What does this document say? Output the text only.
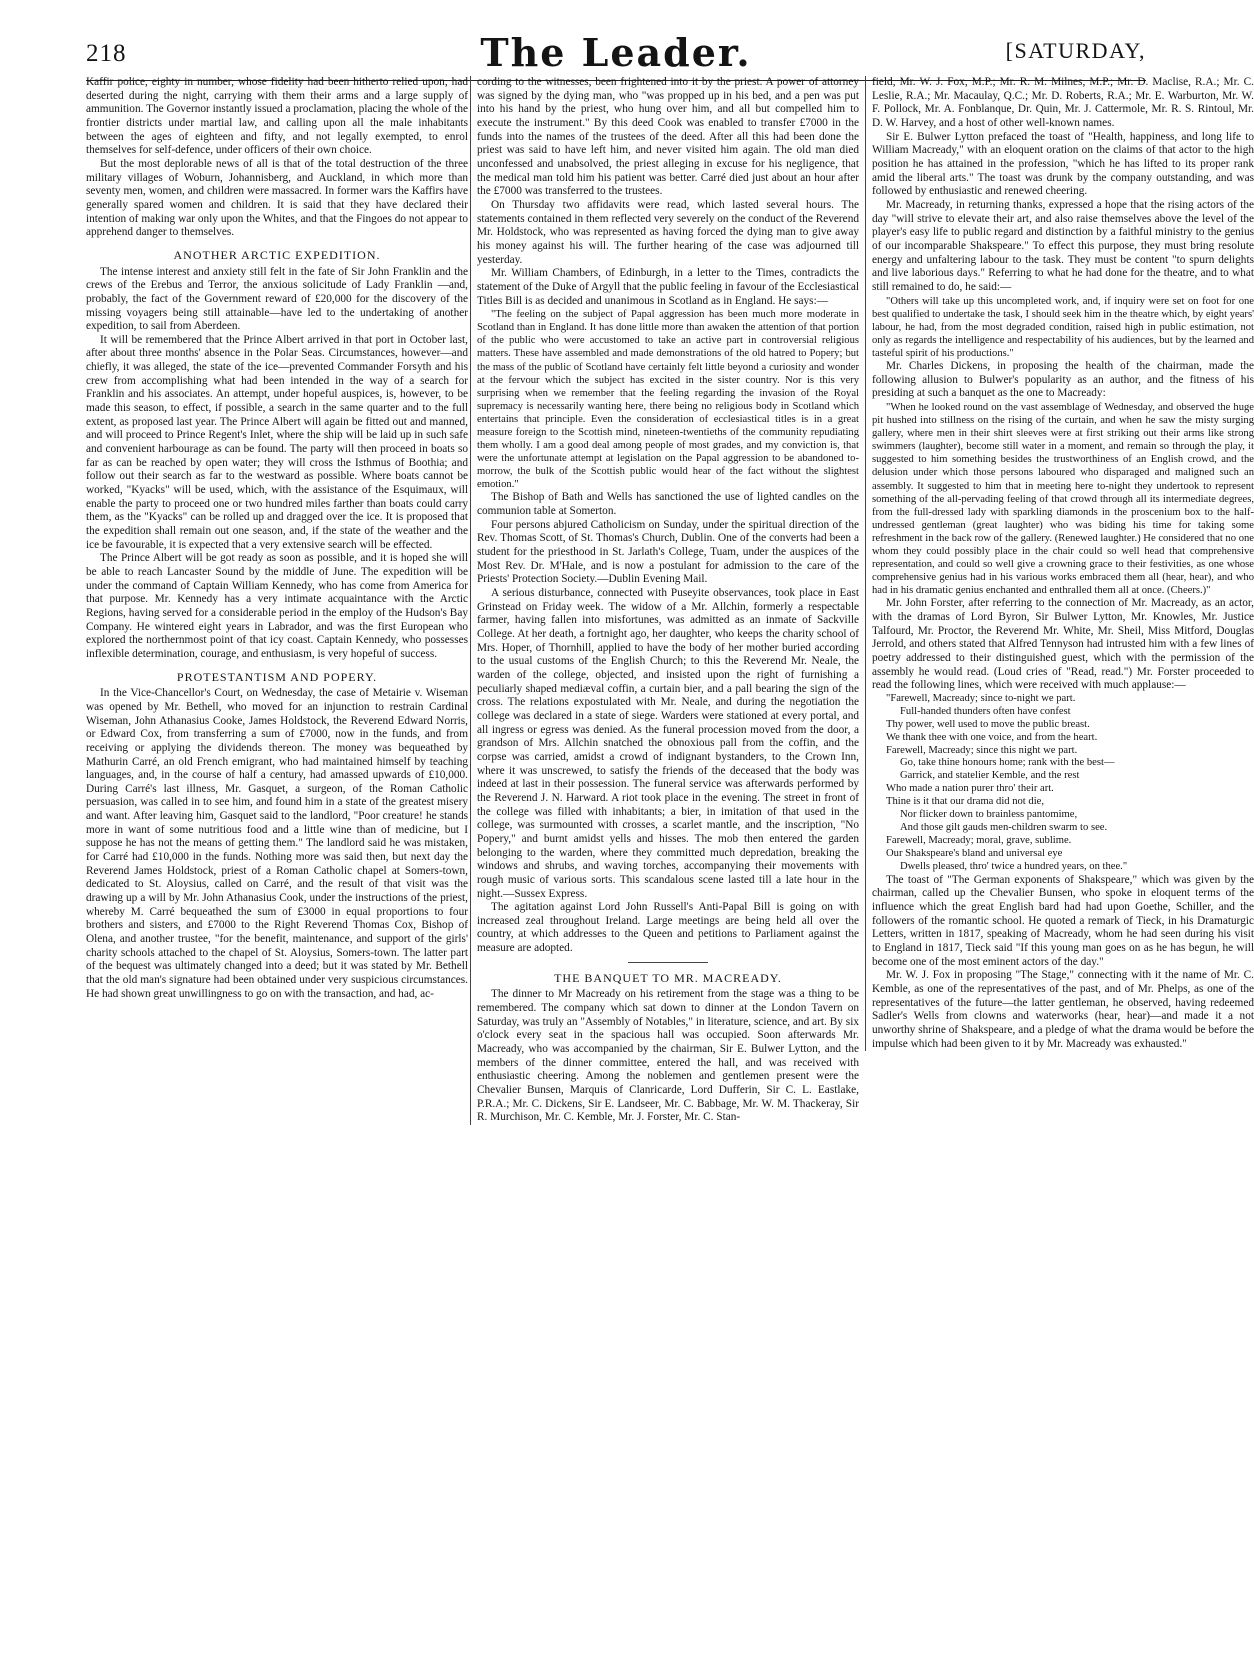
218	The Leader.	[SATURDAY,

Kaffir police, eighty in number, whose fidelity had been hitherto relied upon, had deserted during the night, carrying with them their arms and a large supply of ammunition. The Governor instantly issued a proclamation, placing the whole of the frontier districts under martial law, and calling upon all the male inhabitants between the ages of eighteen and fifty, and not legally exempted, to enrol themselves for self-defence, under officers of their own choice.

But the most deplorable news of all is that of the total destruction of the three military villages of Woburn, Johannisberg, and Auckland, in which more than seventy men, women, and children were massacred. In former wars the Kaffirs have generally spared women and children. It is said that they have declared their intention of making war only upon the Whites, and that the Fingoes do not appear to apprehend danger to themselves.

ANOTHER ARCTIC EXPEDITION.

The intense interest and anxiety still felt in the fate of Sir John Franklin and the crews of the Erebus and Terror, the anxious solicitude of Lady Franklin —and, probably, the fact of the Government reward of £20,000 for the discovery of the missing voyagers being still attainable—have led to the undertaking of another expedition, to sail from Aberdeen.

It will be remembered that the Prince Albert arrived in that port in October last, after about three months' absence in the Polar Seas. Circumstances, however—and chiefly, it was alleged, the state of the ice—prevented Commander Forsyth and his crew from accomplishing what had been intended in the way of a search for Franklin and his associates. An attempt, under hopeful auspices, is, however, to be made this season, to effect, if possible, a search in the same quarter and to the full extent, as proposed last year. The Prince Albert will again be fitted out and manned, and will proceed to Prince Regent's Inlet, where the ship will be laid up in such safe and convenient harbourage as can be found. The party will then proceed in boats so far as can be reached by open water; they will cross the Isthmus of Boothia; and follow out their search as far to the westward as possible. Where boats cannot be worked, "Kyacks" will be used, which, with the assistance of the Esquimaux, will enable the party to proceed one or two hundred miles farther than boats could carry them, as the "Kyacks" can be rolled up and dragged over the ice. It is proposed that the expedition shall remain out one season, and, if the state of the weather and the ice be favourable, it is expected that a very extensive search will be effected.

The Prince Albert will be got ready as soon as possible, and it is hoped she will be able to reach Lancaster Sound by the middle of June. The expedition will be under the command of Captain William Kennedy, who has come from America for that purpose. Mr. Kennedy has a very intimate acquaintance with the Arctic Regions, having served for a considerable period in the employ of the Hudson's Bay Company. He wintered eight years in Labrador, and was the first European who explored the northernmost point of that icy coast. Captain Kennedy, who possesses inflexible determination, courage, and enthusiasm, is very hopeful of success.

PROTESTANTISM AND POPERY.

In the Vice-Chancellor's Court, on Wednesday, the case of Metairie v. Wiseman was opened by Mr. Bethell, who moved for an injunction to restrain Cardinal Wiseman, John Athanasius Cooke, James Holdstock, the Reverend Edward Norris, or Edward Cox, from transferring a sum of £7000, now in the funds, and from receiving or applying the dividends thereon. The money was bequeathed by Mathurin Carré, an old French emigrant, who had maintained himself by teaching languages, and, in the course of half a century, had amassed upwards of £10,000. During Carré's last illness, Mr. Gasquet, a surgeon, of the Roman Catholic persuasion, was called in to see him, and found him in a state of the greatest misery and want. After leaving him, Gasquet said to the landlord, "Poor creature! he stands more in want of some nutritious food and a little wine than of medicine, but I suppose he has not the means of getting them." The landlord said he was mistaken, for Carré had £10,000 in the funds. Nothing more was said then, but next day the Reverend James Holdstock, priest of a Roman Catholic chapel at Somers-town, dedicated to St. Aloysius, called on Carré, and the result of that visit was the drawing up a will by Mr. John Athanasius Cook, under the instructions of the priest, whereby M. Carré bequeathed the sum of £3000 in equal proportions to four brothers and sisters, and £7000 to the Right Reverend Thomas Cox, Bishop of Olena, and another trustee, "for the benefit, maintenance, and support of the girls' charity schools attached to the chapel of St. Aloysius, Somers-town. The latter part of the bequest was ultimately changed into a deed; but it was stated by Mr. Bethell that the old man's signature had been obtained under very suspicious circumstances. He had shown great unwillingness to go on with the transaction, and had, ac-

cording to the witnesses, been frightened into it by the priest. A power of attorney was signed by the dying man, who "was propped up in his bed, and a pen was put into his hand by the priest, who hung over him, and all but compelled him to execute the instrument." By this deed Cook was enabled to transfer £7000 in the funds into the names of the trustees of the deed. After all this had been done the priest was said to have left him, and never visited him again. The old man died unconfessed and unabsolved, the priest alleging in excuse for his negligence, that the medical man told him his patient was better. Carré died just about an hour after the £7000 was transferred to the trustees.

On Thursday two affidavits were read, which lasted several hours. The statements contained in them reflected very severely on the conduct of the Reverend Mr. Holdstock, who was represented as having forced the dying man to give away his money against his will. The further hearing of the case was adjourned till yesterday.

Mr. William Chambers, of Edinburgh, in a letter to the Times, contradicts the statement of the Duke of Argyll that the public feeling in favour of the Ecclesiastical Titles Bill is as decided and unanimous in Scotland as in England. He says:—

"The feeling on the subject of Papal aggression has been much more moderate in Scotland than in England. It has done little more than awaken the attention of that portion of the public who were accustomed to take an active part in controversial religious matters. These have assembled and made demonstrations of the old hatred to Popery; but the mass of the public of Scotland have certainly felt little beyond a curiosity and wonder at the fervour which the subject has excited in the sister country. Nor is this very surprising when we remember that the feeling regarding the invasion of the Royal supremacy is necessarily wanting here, there being no religious body in Scotland which entertains that principle. Even the consideration of ecclesiastical titles is in a great measure foreign to the Scottish mind, nineteen-twentieths of the community repudiating them wholly. I am a good deal among people of most grades, and my conviction is, that were the unfortunate attempt at legislation on the Papal aggression to be abandoned to-morrow, the bulk of the Scottish public would hear of the fact without the slightest emotion."

The Bishop of Bath and Wells has sanctioned the use of lighted candles on the communion table at Somerton.

Four persons abjured Catholicism on Sunday, under the spiritual direction of the Rev. Thomas Scott, of St. Thomas's Church, Dublin. One of the converts had been a student for the priesthood in St. Jarlath's College, Tuam, under the auspices of the Most Rev. Dr. M'Hale, and is now a postulant for admission to the care of the Priests' Protection Society.—Dublin Evening Mail.

A serious disturbance, connected with Puseyite observances, took place in East Grinstead on Friday week. The widow of a Mr. Allchin, formerly a respectable farmer, having fallen into misfortunes, was admitted as an inmate of Sackville College. At her death, a fortnight ago, her daughter, who keeps the charity school of Mrs. Hoper, of Thornhill, applied to have the body of her mother buried according to the usual customs of the English Church; to this the Reverend Mr. Neale, the warden of the college, objected, and insisted upon the right of furnishing a peculiarly shaped mediæval coffin, a curtain bier, and a pall bearing the sign of the cross. The relations expostulated with Mr. Neale, and during the negotiation the college was declared in a state of siege. Warders were stationed at every portal, and all ingress or egress was denied. As the funeral procession moved from the door, a grandson of Mrs. Allchin snatched the obnoxious pall from the coffin, and the corpse was carried, amidst a crowd of indignant bystanders, to the Crown Inn, where it was unscrewed, to satisfy the friends of the deceased that the body was indeed at last in their possession. The funeral service was afterwards performed by the Reverend J. N. Harward. A riot took place in the evening. The street in front of the college was filled with inhabitants; a bier, in imitation of that used in the college, was surmounted with crosses, a scarlet mantle, and the inscription, "No Popery," and burnt amidst yells and hisses. The mob then entered the garden belonging to the warden, where they committed much depredation, breaking the windows and shrubs, and waving torches, accompanying their movements with rough music of various sorts. This scandalous scene lasted till a late hour in the night.—Sussex Express.

The agitation against Lord John Russell's Anti-Papal Bill is going on with increased zeal throughout Ireland. Large meetings are being held all over the country, at which addresses to the Queen and petitions to Parliament against the measure are adopted.

THE BANQUET TO MR. MACREADY.

The dinner to Mr Macready on his retirement from the stage was a thing to be remembered. The company which sat down to dinner at the London Tavern on Saturday, was truly an "Assembly of Notables," in literature, science, and art. By six o'clock every seat in the spacious hall was occupied. Soon afterwards Mr. Macready, who was accompanied by the chairman, Sir E. Bulwer Lytton, and the members of the dinner committee, entered the hall, and was received with enthusiastic cheering. Among the noblemen and gentlemen present were the Chevalier Bunsen, Marquis of Clanricarde, Lord Dufferin, Sir C. L. Eastlake, P.R.A.; Mr. C. Dickens, Sir E. Landseer, Mr. C. Babbage, Mr. W. M. Thackeray, Sir R. Murchison, Mr. C. Kemble, Mr. J. Forster, Mr. C. Stan-

field, Mr. W. J. Fox, M.P.; Mr. R. M. Milnes, M.P.; Mr. D. Maclise, R.A.; Mr. C. Leslie, R.A.; Mr. Macaulay, Q.C.; Mr. D. Roberts, R.A.; Mr. E. Warburton, Mr. W. F. Pollock, Mr. A. Fonblanque, Dr. Quin, Mr. J. Cattermole, Mr. R. S. Rintoul, Mr. D. W. Harvey, and a host of other well-known names.

Sir E. Bulwer Lytton prefaced the toast of "Health, happiness, and long life to William Macready," with an eloquent oration on the claims of that actor to the high position he has attained in the profession, "which he has lifted to its proper rank amid the liberal arts." The toast was drunk by the company outstanding, and was followed by enthusiastic and renewed cheering.

Mr. Macready, in returning thanks, expressed a hope that the rising actors of the day "will strive to elevate their art, and also raise themselves above the level of the player's easy life to public regard and distinction by a faithful ministry to the genius of our incomparable Shakspeare." To effect this purpose, they must bring resolute energy and unfaltering labour to the task. They must be content "to spurn delights and live laborious days." Referring to what he had done for the theatre, and to what still remained to do, he said:—

"Others will take up this uncompleted work, and, if inquiry were set on foot for one best qualified to undertake the task, I should seek him in the theatre which, by eight years' labour, he had, from the most degraded condition, raised high in public estimation, not only as regards the intelligence and respectability of his audiences, but by the learned and tasteful spirit of his productions."

Mr. Charles Dickens, in proposing the health of the chairman, made the following allusion to Bulwer's popularity as an author, and the fitness of his presiding at such a banquet as the one to Macready:

"When he looked round on the vast assemblage of Wednesday, and observed the huge pit hushed into stillness on the rising of the curtain, and when he saw the misty surging gallery, where men in their shirt sleeves were at first striking out their arms like strong swimmers (laughter), become still water in a moment, and remain so through the play, it suggested to him something besides the trustworthiness of an English crowd, and the delusion under which those persons laboured who disparaged and maligned such an assembly. It suggested to him that in meeting here to-night they undertook to represent something of the all-pervading feeling of that crowd through all its intermediate degrees, from the full-dressed lady with sparkling diamonds in the proscenium box to the half-undressed gentleman (great laughter) who was biding his time for taking some refreshment in the back row of the gallery. (Renewed laughter.) He considered that no one whom they could possibly place in the chair could so well head that comprehensive representation, and could so well give a crowning grace to their festivities, as one whose comprehensive genius had in his various works embraced them all (hear, hear), and who had in his dramatic genius enchanted and enthralled them all at once. (Cheers.)"

Mr. John Forster, after referring to the connection of Mr. Macready, as an actor, with the dramas of Lord Byron, Sir Bulwer Lytton, Mr. Knowles, Mr. Justice Talfourd, Mr. Proctor, the Reverend Mr. White, Mr. Sheil, Miss Mitford, Douglas Jerrold, and others stated that Alfred Tennyson had intrusted him with a few lines of poetry addressed to their distinguished guest, which with the permission of the assembly he would read. (Loud cries of "Read, read.") Mr. Forster proceeded to read the following lines, which were received with much applause:—

"Farewell, Macready; since to-night we part.

Full-handed thunders often have confest

Thy power, well used to move the public breast.

We thank thee with one voice, and from the heart.

Farewell, Macready; since this night we part.

Go, take thine honours home; rank with the best—

Garrick, and statelier Kemble, and the rest

Who made a nation purer thro' their art.

Thine is it that our drama did not die,

Nor flicker down to brainless pantomime,

And those gilt gauds men-children swarm to see.

Farewell, Macready; moral, grave, sublime.

Our Shakspeare's bland and universal eye

Dwells pleased, thro' twice a hundred years, on thee."

The toast of "The German exponents of Shakspeare," which was given by the chairman, called up the Chevalier Bunsen, who spoke in eloquent terms of the influence which the great English bard had had upon Goethe, Schiller, and the followers of the romantic school. He quoted a remark of Tieck, in his Dramaturgic Letters, written in 1817, speaking of Macready, whom he had seen during his visit to England in 1817, Tieck said "If this young man goes on as he has begun, he will become one of the most eminent actors of the day."

Mr. W. J. Fox in proposing "The Stage," connecting with it the name of Mr. C. Kemble, as one of the representatives of the past, and of Mr. Phelps, as one of the representatives of the future—the latter gentleman, he observed, having redeemed Sadler's Wells from clowns and waterworks (hear, hear)—and made it a not unworthy shrine of Shakspeare, and a pledge of what the drama would be before the impulse which had been given to it by Mr. Macready was exhausted."
